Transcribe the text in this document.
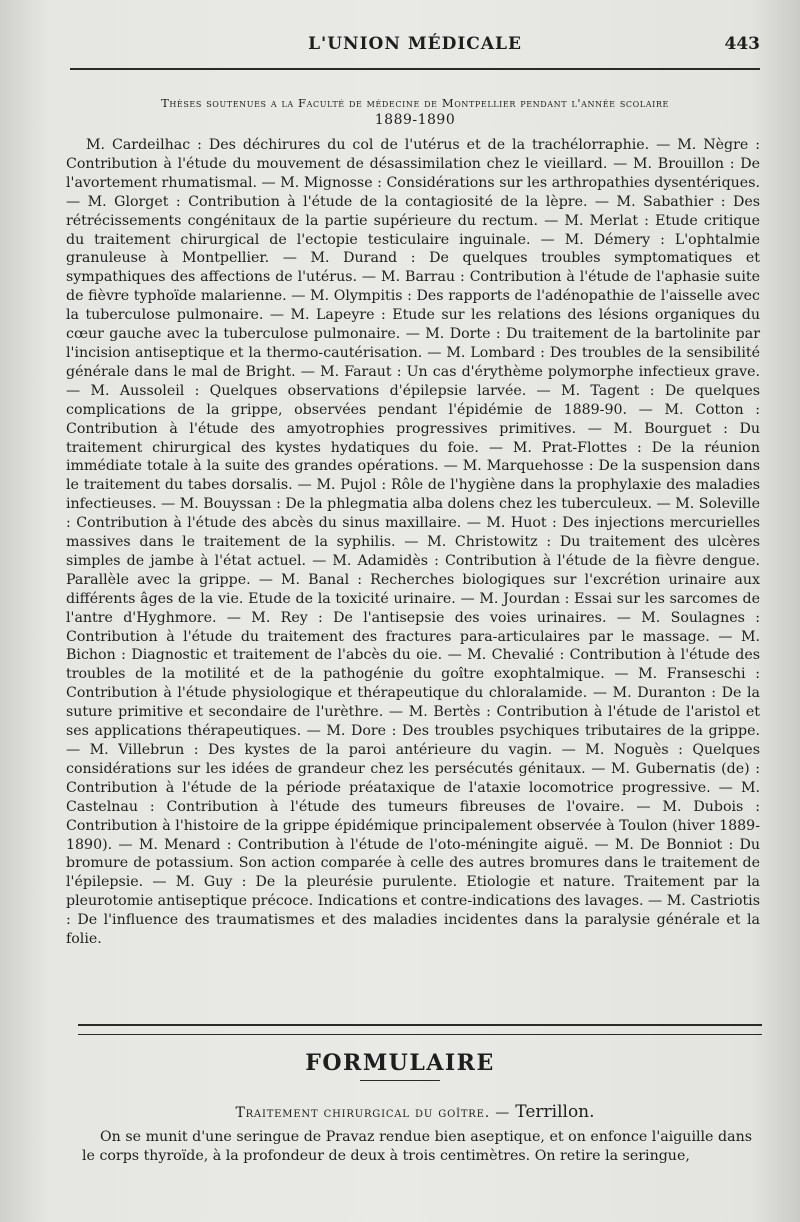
L'UNION MÉDICALE	443
Thèses soutenues a la Faculté de médecine de Montpellier pendant l'année scolaire
1889-1890
M. Cardeilhac : Des déchirures du col de l'utérus et de la trachélorraphie. — M. Nègre : Contribution à l'étude du mouvement de désassimilation chez le vieillard. — M. Brouillon : De l'avortement rhumatismal. — M. Mignosse : Considérations sur les arthropathies dysentériques. — M. Glorget : Contribution à l'étude de la contagiosité de la lèpre. — M. Sabathier : Des rétrécissements congénitaux de la partie supérieure du rectum. — M. Merlat : Etude critique du traitement chirurgical de l'ectopie testiculaire inguinale. — M. Démery : L'ophtalmie granuleuse à Montpellier. — M. Durand : De quelques troubles symptomatiques et sympathiques des affections de l'utérus. — M. Barrau : Contribution à l'étude de l'aphasie suite de fièvre typhoïde malarienne. — M. Olympitis : Des rapports de l'adénopathie de l'aisselle avec la tuberculose pulmonaire. — M. Lapeyre : Etude sur les relations des lésions organiques du cœur gauche avec la tuberculose pulmonaire. — M. Dorte : Du traitement de la bartolinite par l'incision antiseptique et la thermo-cautérisation. — M. Lombard : Des troubles de la sensibilité générale dans le mal de Bright. — M. Faraut : Un cas d'érythème polymorphe infectieux grave. — M. Aussoleil : Quelques observations d'épilepsie larvée. — M. Tagent : De quelques complications de la grippe, observées pendant l'épidémie de 1889-90. — M. Cotton : Contribution à l'étude des amyotrophies progressives primitives. — M. Bourguet : Du traitement chirurgical des kystes hydatiques du foie. — M. Prat-Flottes : De la réunion immédiate totale à la suite des grandes opérations. — M. Marquehosse : De la suspension dans le traitement du tabes dorsalis. — M. Pujol : Rôle de l'hygiène dans la prophylaxie des maladies infectieuses. — M. Bouyssan : De la phlegmatia alba dolens chez les tuberculeux. — M. Soleville : Contribution à l'étude des abcès du sinus maxillaire. — M. Huot : Des injections mercurielles massives dans le traitement de la syphilis. — M. Christowitz : Du traitement des ulcères simples de jambe à l'état actuel. — M. Adamidès : Contribution à l'étude de la fièvre dengue. Parallèle avec la grippe. — M. Banal : Recherches biologiques sur l'excrétion urinaire aux différents âges de la vie. Etude de la toxicité urinaire. — M. Jourdan : Essai sur les sarcomes de l'antre d'Hyghmore. — M. Rey : De l'antisepsie des voies urinaires. — M. Soulagnes : Contribution à l'étude du traitement des fractures para-articulaires par le massage. — M. Bichon : Diagnostic et traitement de l'abcès du oie. — M. Chevalié : Contribution à l'étude des troubles de la motilité et de la pathogénie du goître exophtalmique. — M. Franseschi : Contribution à l'étude physiologique et thérapeutique du chloralamide. — M. Duranton : De la suture primitive et secondaire de l'urèthre. — M. Bertès : Contribution à l'étude de l'aristol et ses applications thérapeutiques. — M. Dore : Des troubles psychiques tributaires de la grippe. — M. Villebrun : Des kystes de la paroi antérieure du vagin. — M. Noguès : Quelques considérations sur les idées de grandeur chez les persécutés génitaux. — M. Gubernatis (de) : Contribution à l'étude de la période préataxique de l'ataxie locomotrice progressive. — M. Castelnau : Contribution à l'étude des tumeurs fibreuses de l'ovaire. — M. Dubois : Contribution à l'histoire de la grippe épidémique principalement observée à Toulon (hiver 1889-1890). — M. Menard : Contribution à l'étude de l'oto-méningite aiguë. — M. De Bonniot : Du bromure de potassium. Son action comparée à celle des autres bromures dans le traitement de l'épilepsie. — M. Guy : De la pleurésie purulente. Etiologie et nature. Traitement par la pleurotomie antiseptique précoce. Indications et contre-indications des lavages. — M. Castriotis : De l'influence des traumatismes et des maladies incidentes dans la paralysie générale et la folie.
FORMULAIRE
Traitement chirurgical du goître. — Terrillon.
On se munit d'une seringue de Pravaz rendue bien aseptique, et on enfonce l'aiguille dans le corps thyroïde, à la profondeur de deux à trois centimètres. On retire la seringue,
